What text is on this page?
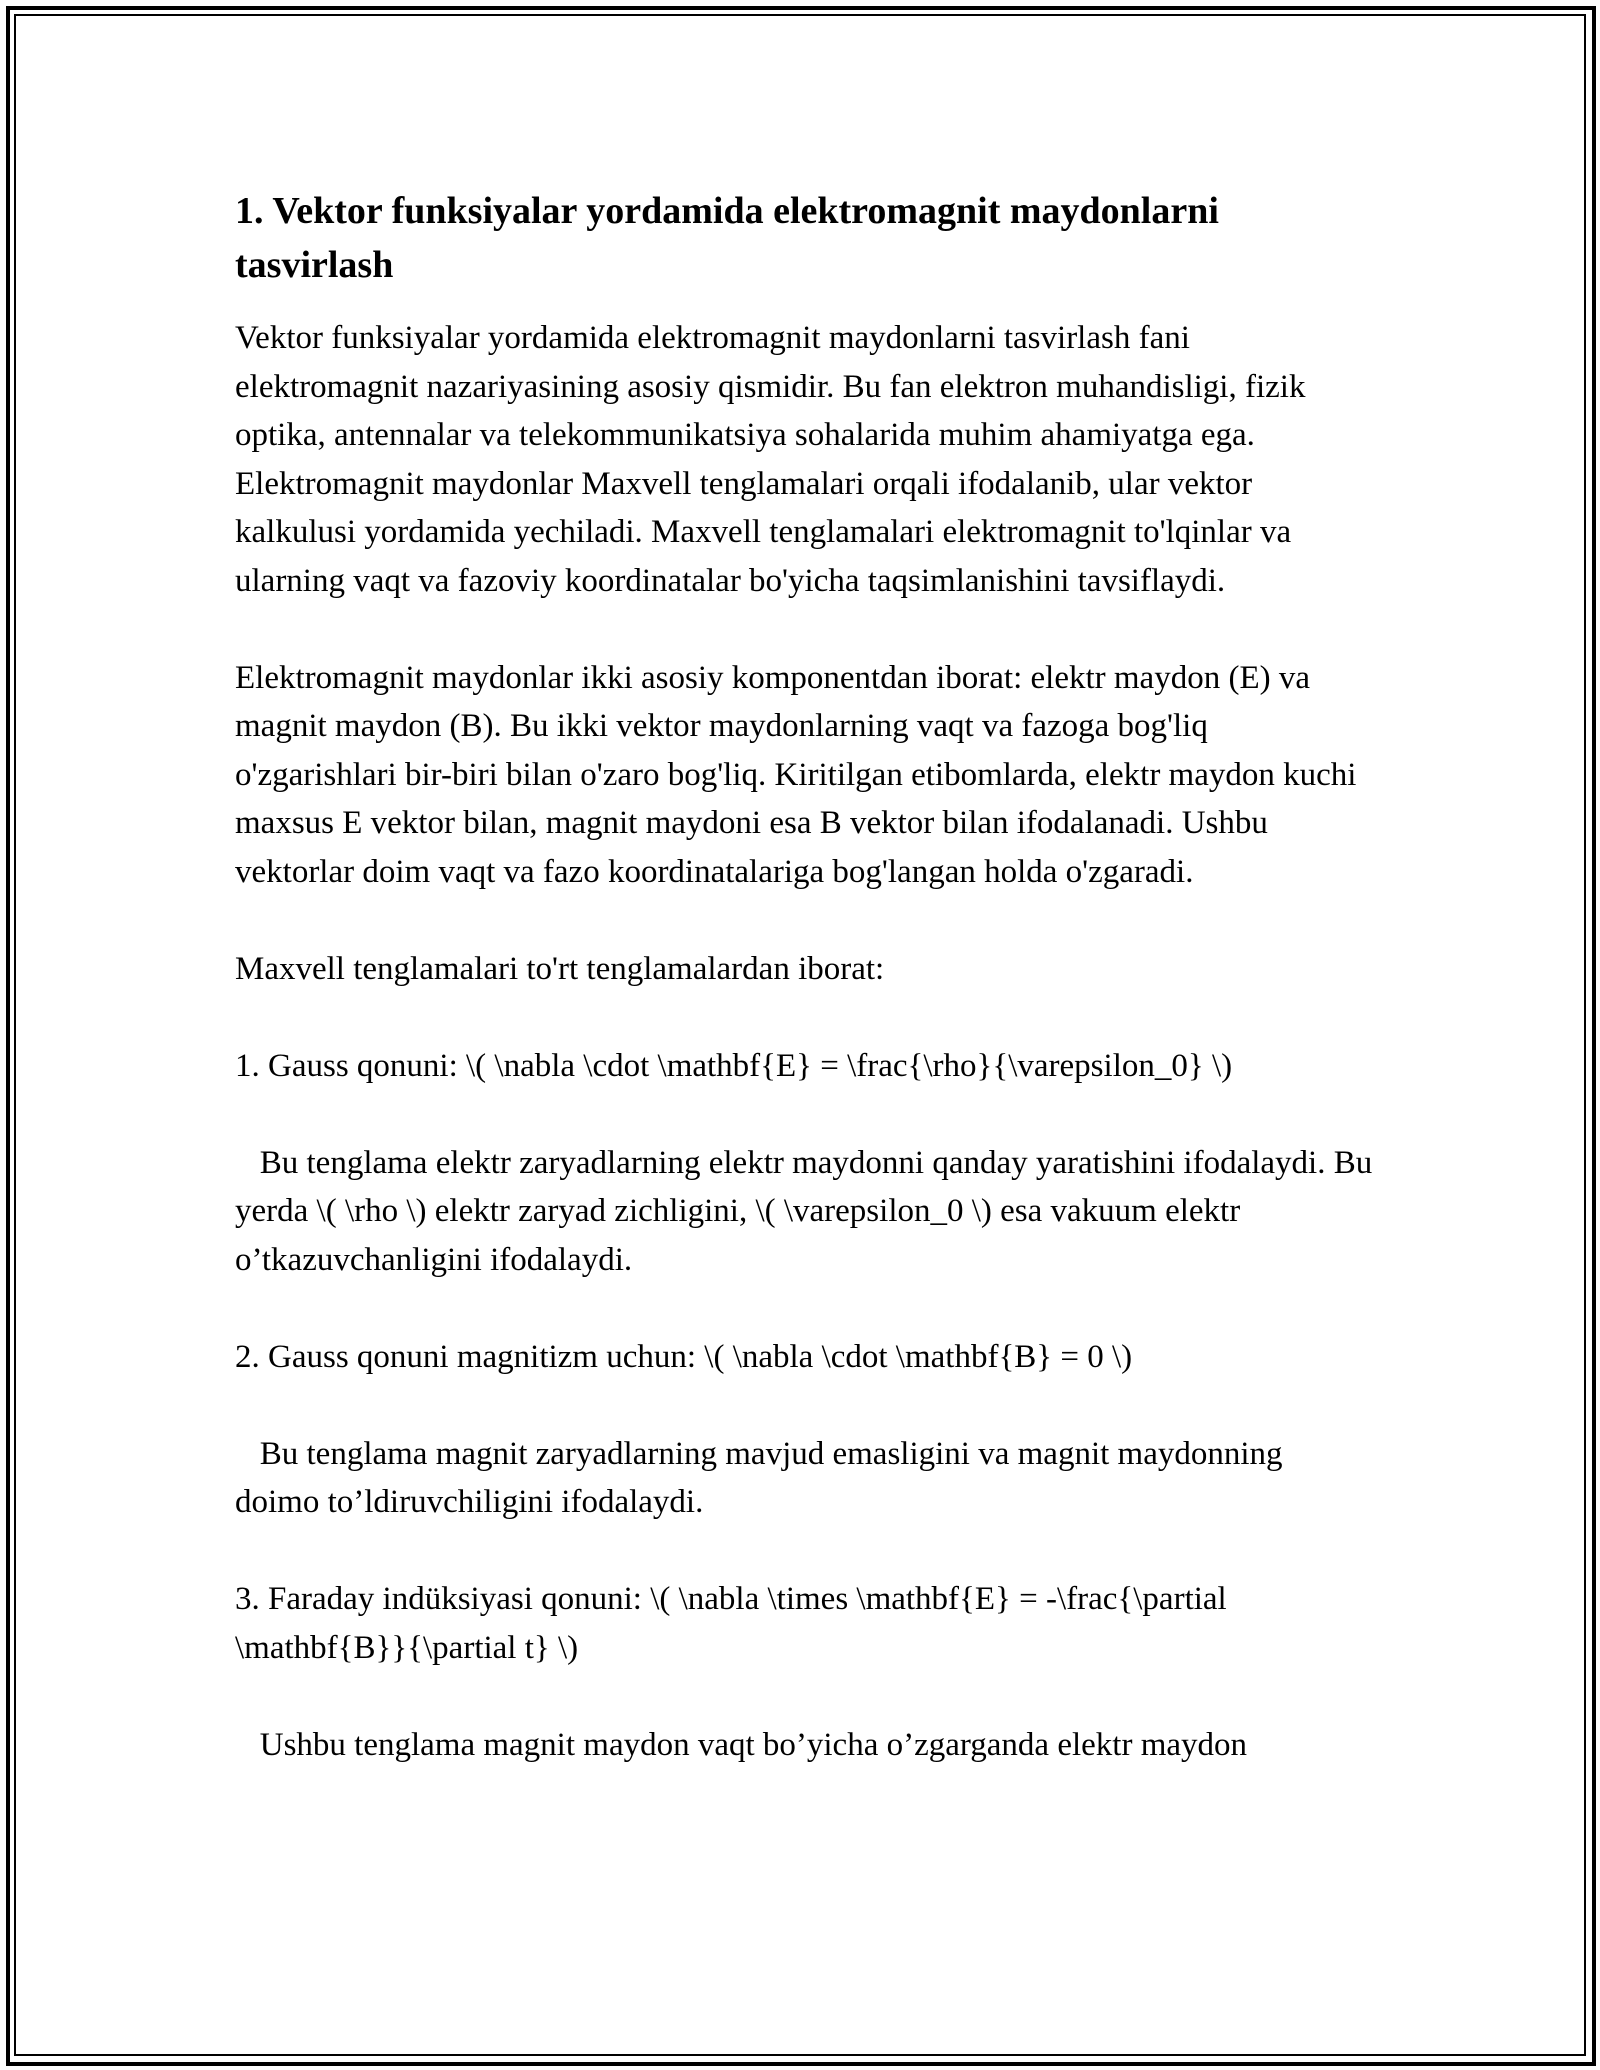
1. Vektor funksiyalar yordamida elektromagnit maydonlarni tasvirlash

Vektor funksiyalar yordamida elektromagnit maydonlarni tasvirlash fani elektromagnit nazariyasining asosiy qismidir. Bu fan elektron muhandisligi, fizik optika, antennalar va telekommunikatsiya sohalarida muhim ahamiyatga ega. Elektromagnit maydonlar Maxvell tenglamalari orqali ifodalanib, ular vektor kalkulusi yordamida yechiladi. Maxvell tenglamalari elektromagnit to'lqinlar va ularning vaqt va fazoviy koordinatalar bo'yicha taqsimlanishini tavsiflaydi.

Elektromagnit maydonlar ikki asosiy komponentdan iborat: elektr maydon (E) va magnit maydon (B). Bu ikki vektor maydonlarning vaqt va fazoga bog'liq o'zgarishlari bir-biri bilan o'zaro bog'liq. Kiritilgan etibomlarda, elektr maydon kuchi maxsus E vektor bilan, magnit maydoni esa B vektor bilan ifodalanadi. Ushbu vektorlar doim vaqt va fazo koordinatalariga bog'langan holda o'zgaradi.

Maxvell tenglamalari to'rt tenglamalardan iborat:

1. Gauss qonuni: \( \nabla \cdot \mathbf{E} = \frac{\rho}{\varepsilon_0} \)

Bu tenglama elektr zaryadlarning elektr maydonni qanday yaratishini ifodalaydi. Bu yerda \( \rho \) elektr zaryad zichligini, \( \varepsilon_0 \) esa vakuum elektr o’tkazuvchanligini ifodalaydi.

2. Gauss qonuni magnitizm uchun: \( \nabla \cdot \mathbf{B} = 0 \)

Bu tenglama magnit zaryadlarning mavjud emasligini va magnit maydonning doimo to’ldiruvchiligini ifodalaydi.

3. Faraday indüksiyasi qonuni: \( \nabla \times \mathbf{E} = -\frac{\partial \mathbf{B}}{\partial t} \)

Ushbu tenglama magnit maydon vaqt bo’yicha o’zgarganda elektr maydon
